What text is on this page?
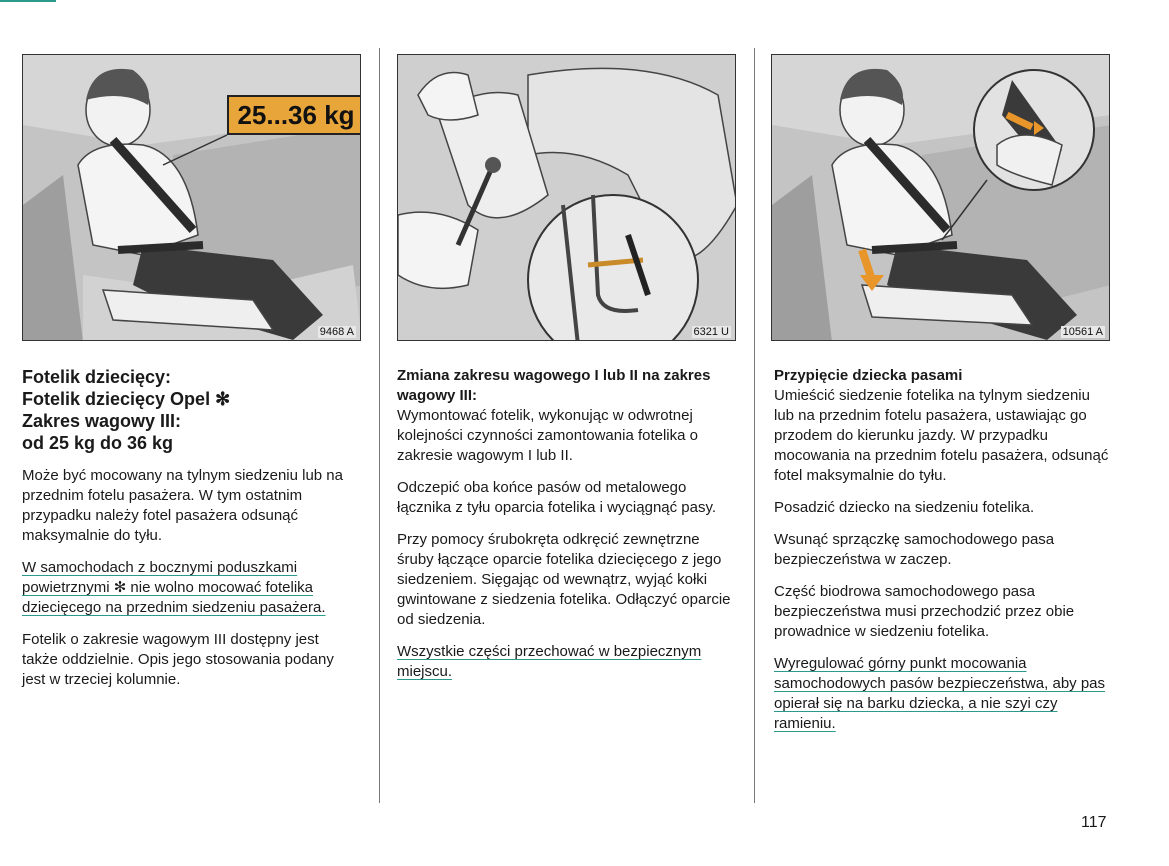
25...36 kg
9468 A	6321 U	10561 A
Fotelik dziecięcy:
Fotelik dziecięcy Opel ✻
Zakres wagowy III:
od 25 kg do 36 kg

Może być mocowany na tylnym siedzeniu lub na przednim fotelu pasażera. W tym ostatnim przypadku należy fotel pasażera odsunąć maksymalnie do tyłu.

W samochodach z bocznymi poduszkami powietrznymi ✻ nie wolno mocować fotelika dziecięcego na przednim siedzeniu pasażera.

Fotelik o zakresie wagowym III dostępny jest także oddzielnie. Opis jego stosowania podany jest w trzeciej kolumnie.

Zmiana zakresu wagowego I lub II na zakres wagowy III:

Wymontować fotelik, wykonując w odwrotnej kolejności czynności zamontowania fotelika o zakresie wagowym I lub II.

Odczepić oba końce pasów od metalowego łącznika z tyłu oparcia fotelika i wyciągnąć pasy.

Przy pomocy śrubokręta odkręcić zewnętrzne śruby łączące oparcie fotelika dziecięcego z jego siedzeniem. Sięgając od wewnątrz, wyjąć kołki gwintowane z siedzenia fotelika. Odłączyć oparcie od siedzenia.

Wszystkie części przechować w bezpiecznym miejscu.

Przypięcie dziecka pasami

Umieścić siedzenie fotelika na tylnym siedzeniu lub na przednim fotelu pasażera, ustawiając go przodem do kierunku jazdy. W przypadku mocowania na przednim fotelu pasażera, odsunąć fotel maksymalnie do tyłu.

Posadzić dziecko na siedzeniu fotelika.

Wsunąć sprzączkę samochodowego pasa bezpieczeństwa w zaczep.

Część biodrowa samochodowego pasa bezpieczeństwa musi przechodzić przez obie prowadnice w siedzeniu fotelika.

Wyregulować górny punkt mocowania samochodowych pasów bezpieczeństwa, aby pas opierał się na barku dziecka, a nie szyi czy ramieniu.

117
